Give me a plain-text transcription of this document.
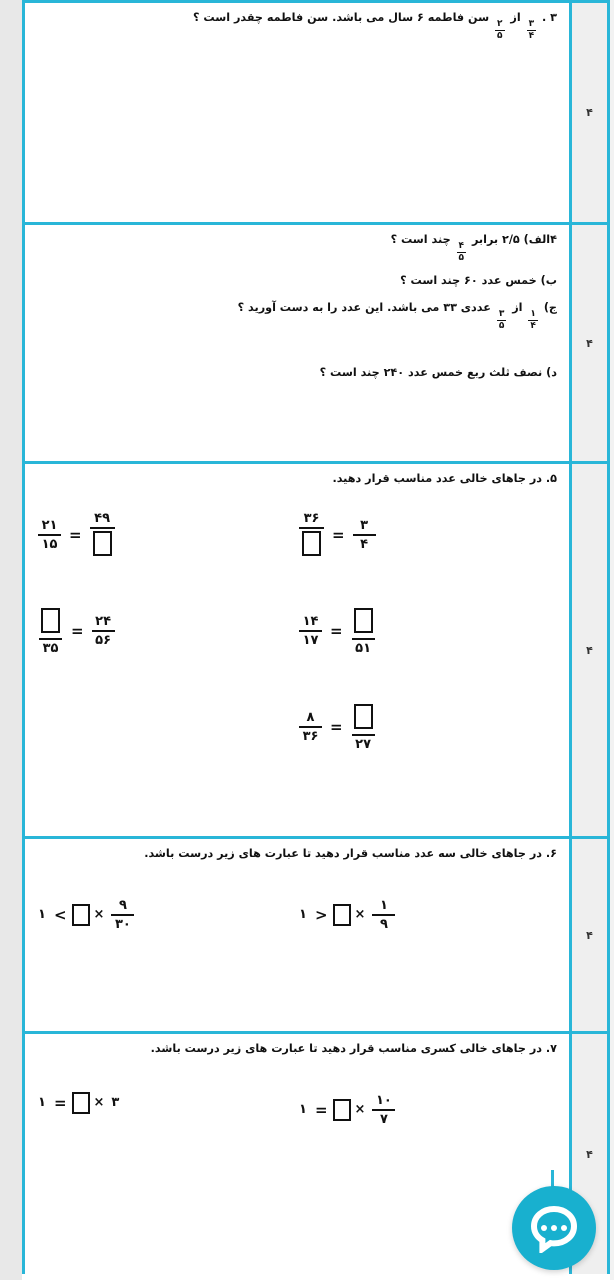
۳ .
$\frac{۳}{۴}$
از
$\frac{۲}{۵}$
سن فاطمه ۶ سال می باشد. سن فاطمه چقدر است ؟
۴
۴الف) ۲/۵ برابر
$\frac{۴}{۵}$
چند است ؟
ب) خمس عدد ۶۰ چند است ؟
ج)
$\frac{۱}{۴}$
از
$\frac{۳}{۵}$
عددی ۳۳ می باشد. این عدد را به دست آورید ؟
د) نصف ثلث ربع خمس عدد ۲۴۰ چند است ؟
۴
۵. در جاهای خالی عدد مناسب قرار دهید.
۴۹
=
$\frac{۲۱}{۱۵}$	$\frac{۳}{۴}$
=
۳۶
$\frac{۲۴}{۵۶}$
=
۳۵	۵۱
=
$\frac{۱۴}{۱۷}$
۲۷
=
$\frac{۸}{۳۶}$
۴
۶. در جاهای خالی سه عدد مناسب قرار دهید تا عبارت های زیر درست باشد.
$\frac{۹}{۳۰}$
×
<
۱	$\frac{۱}{۹}$
×
>
۱
۴
۷. در جاهای خالی کسری مناسب قرار دهید تا عبارت های زیر درست باشد.
۳
×
=
۱	$\frac{۱۰}{۷}$
×
=
۱
۴
